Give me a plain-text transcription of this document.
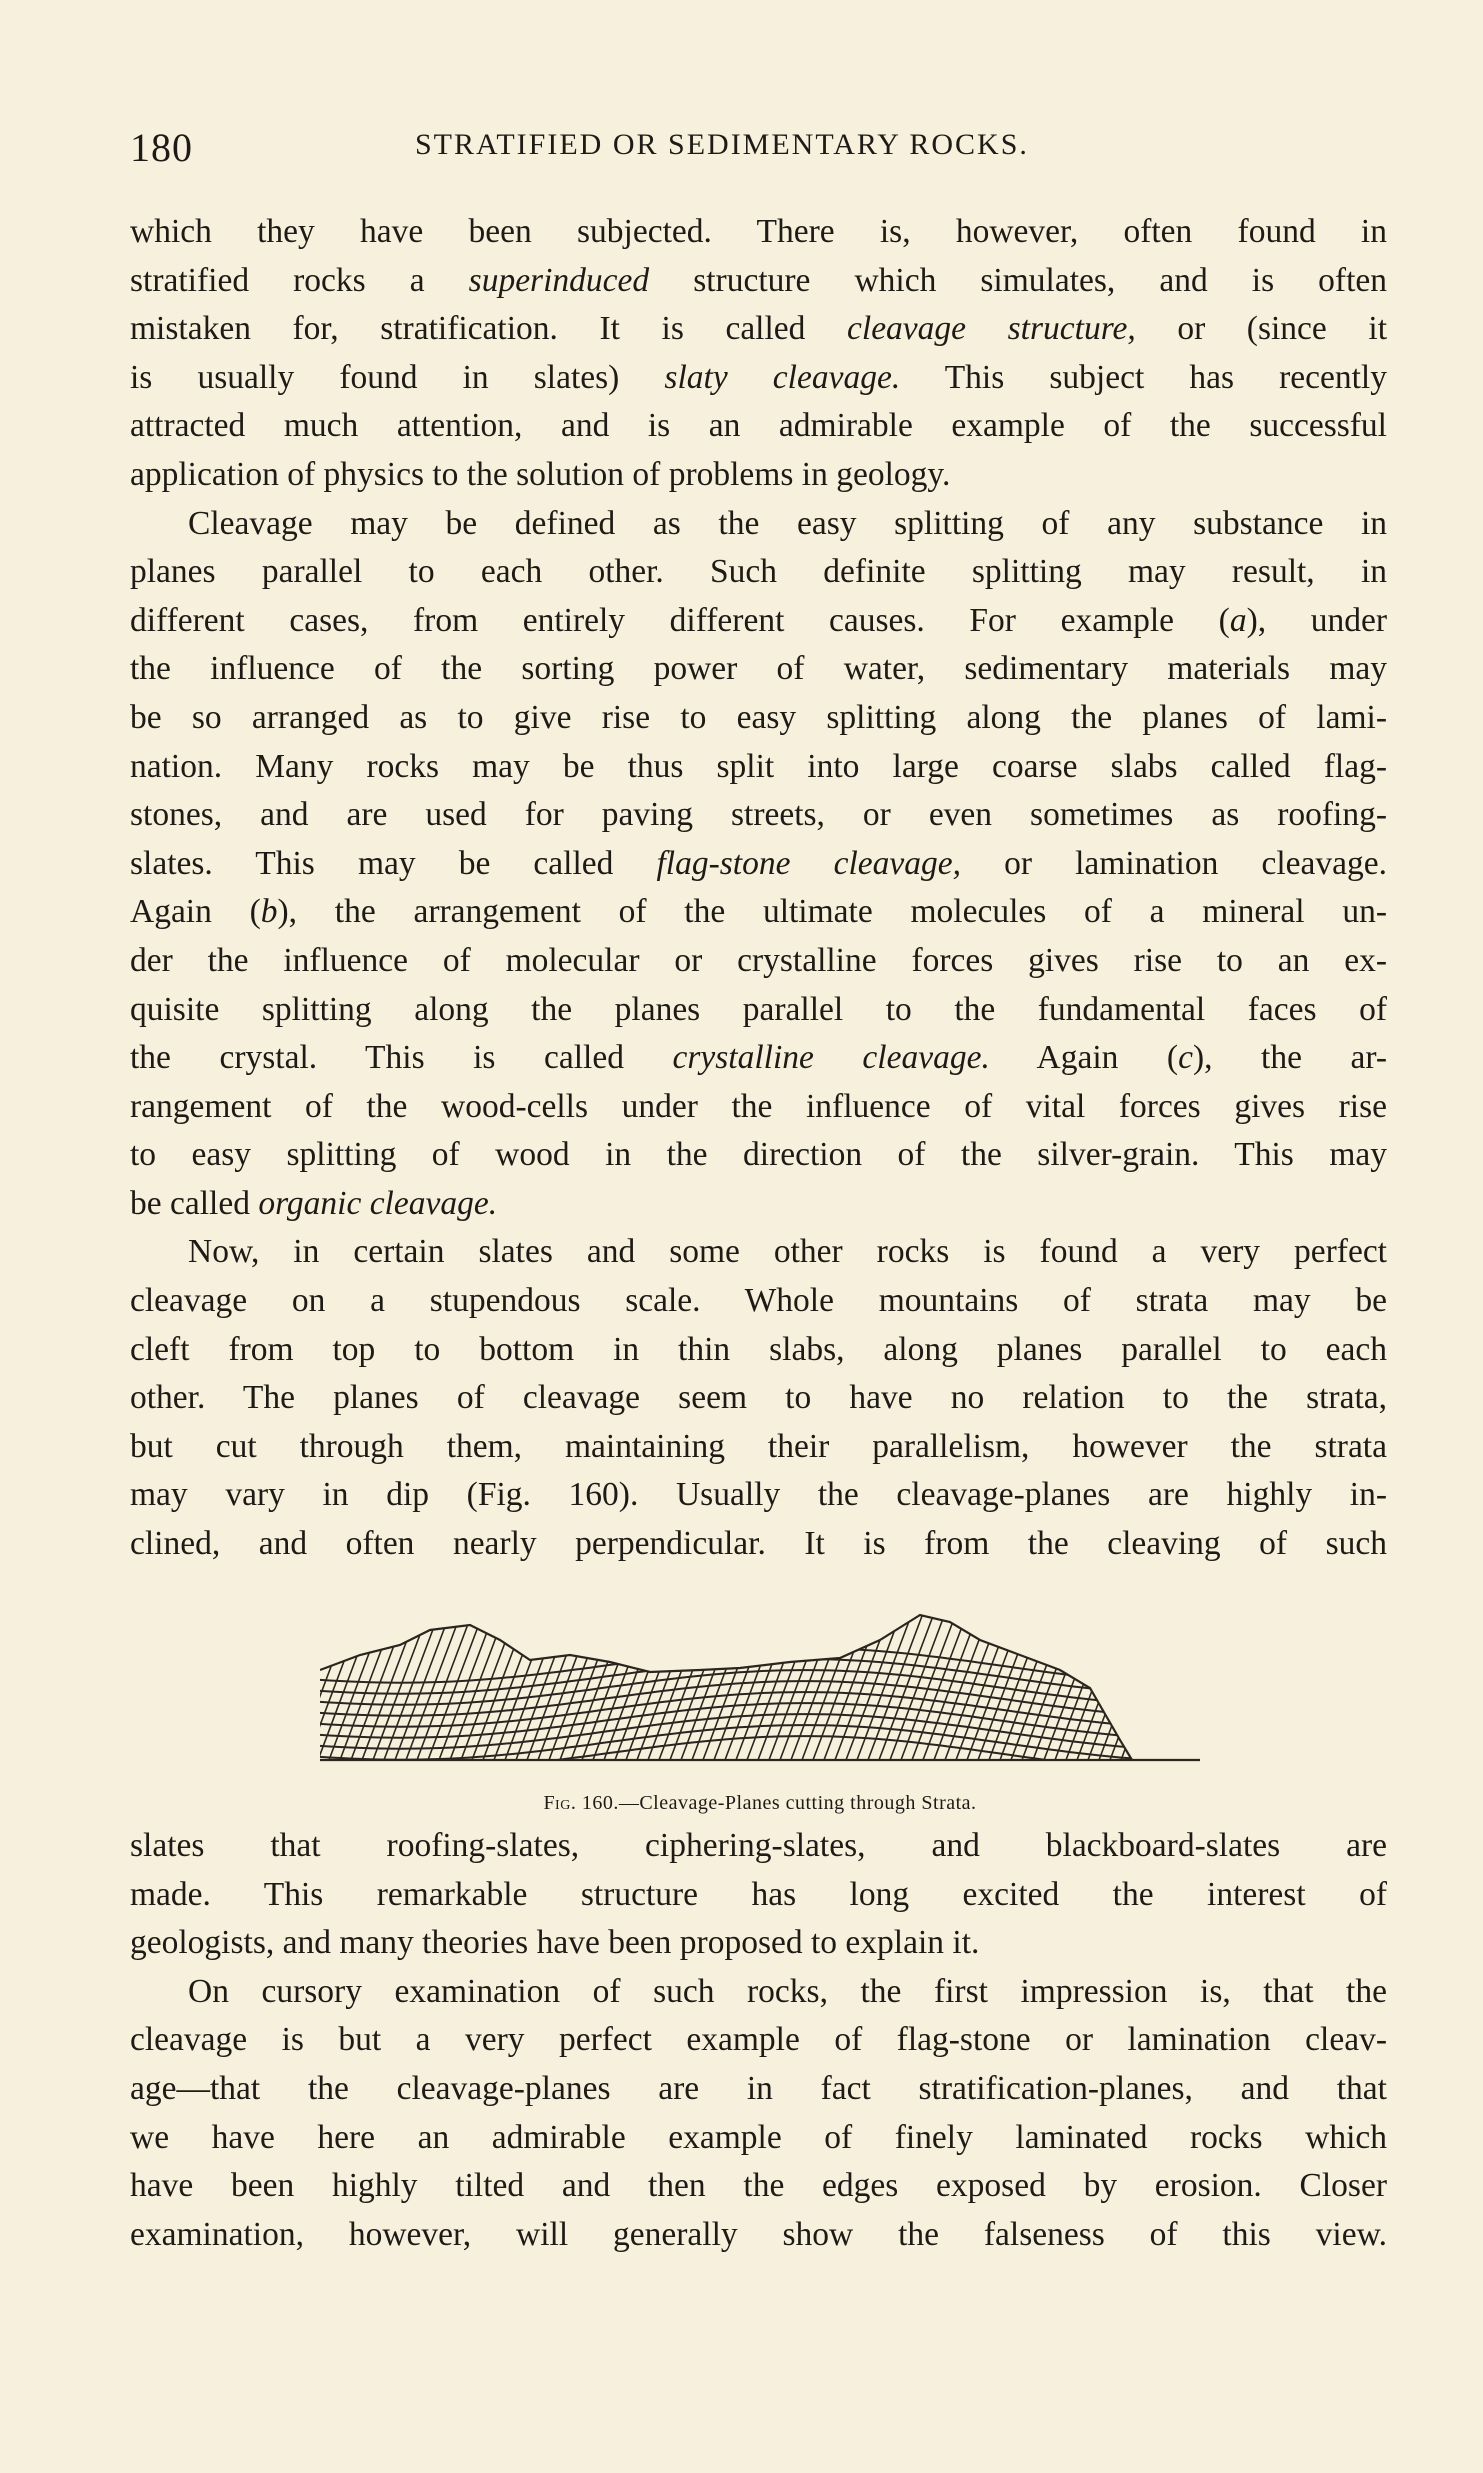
180	STRATIFIED OR SEDIMENTARY ROCKS.
which they have been subjected. There is, however, often found in
stratified rocks a superinduced structure which simulates, and is often
mistaken for, stratification. It is called cleavage structure, or (since it
is usually found in slates) slaty cleavage. This subject has recently
attracted much attention, and is an admirable example of the successful
application of physics to the solution of problems in geology.
Cleavage may be defined as the easy splitting of any substance in
planes parallel to each other. Such definite splitting may result, in
different cases, from entirely different causes. For example (a), under
the influence of the sorting power of water, sedimentary materials may
be so arranged as to give rise to easy splitting along the planes of lami-
nation. Many rocks may be thus split into large coarse slabs called flag-
stones, and are used for paving streets, or even sometimes as roofing-
slates. This may be called flag-stone cleavage, or lamination cleavage.
Again (b), the arrangement of the ultimate molecules of a mineral un-
der the influence of molecular or crystalline forces gives rise to an ex-
quisite splitting along the planes parallel to the fundamental faces of
the crystal. This is called crystalline cleavage. Again (c), the ar-
rangement of the wood-cells under the influence of vital forces gives rise
to easy splitting of wood in the direction of the silver-grain. This may
be called organic cleavage.
Now, in certain slates and some other rocks is found a very perfect
cleavage on a stupendous scale. Whole mountains of strata may be
cleft from top to bottom in thin slabs, along planes parallel to each
other. The planes of cleavage seem to have no relation to the strata,
but cut through them, maintaining their parallelism, however the strata
may vary in dip (Fig. 160). Usually the cleavage-planes are highly in-
clined, and often nearly perpendicular. It is from the cleaving of such
Fig. 160.—Cleavage-Planes cutting through Strata.
slates that roofing-slates, ciphering-slates, and blackboard-slates are
made. This remarkable structure has long excited the interest of
geologists, and many theories have been proposed to explain it.
On cursory examination of such rocks, the first impression is, that the
cleavage is but a very perfect example of flag-stone or lamination cleav-
age—that the cleavage-planes are in fact stratification-planes, and that
we have here an admirable example of finely laminated rocks which
have been highly tilted and then the edges exposed by erosion. Closer
examination, however, will generally show the falseness of this view.
